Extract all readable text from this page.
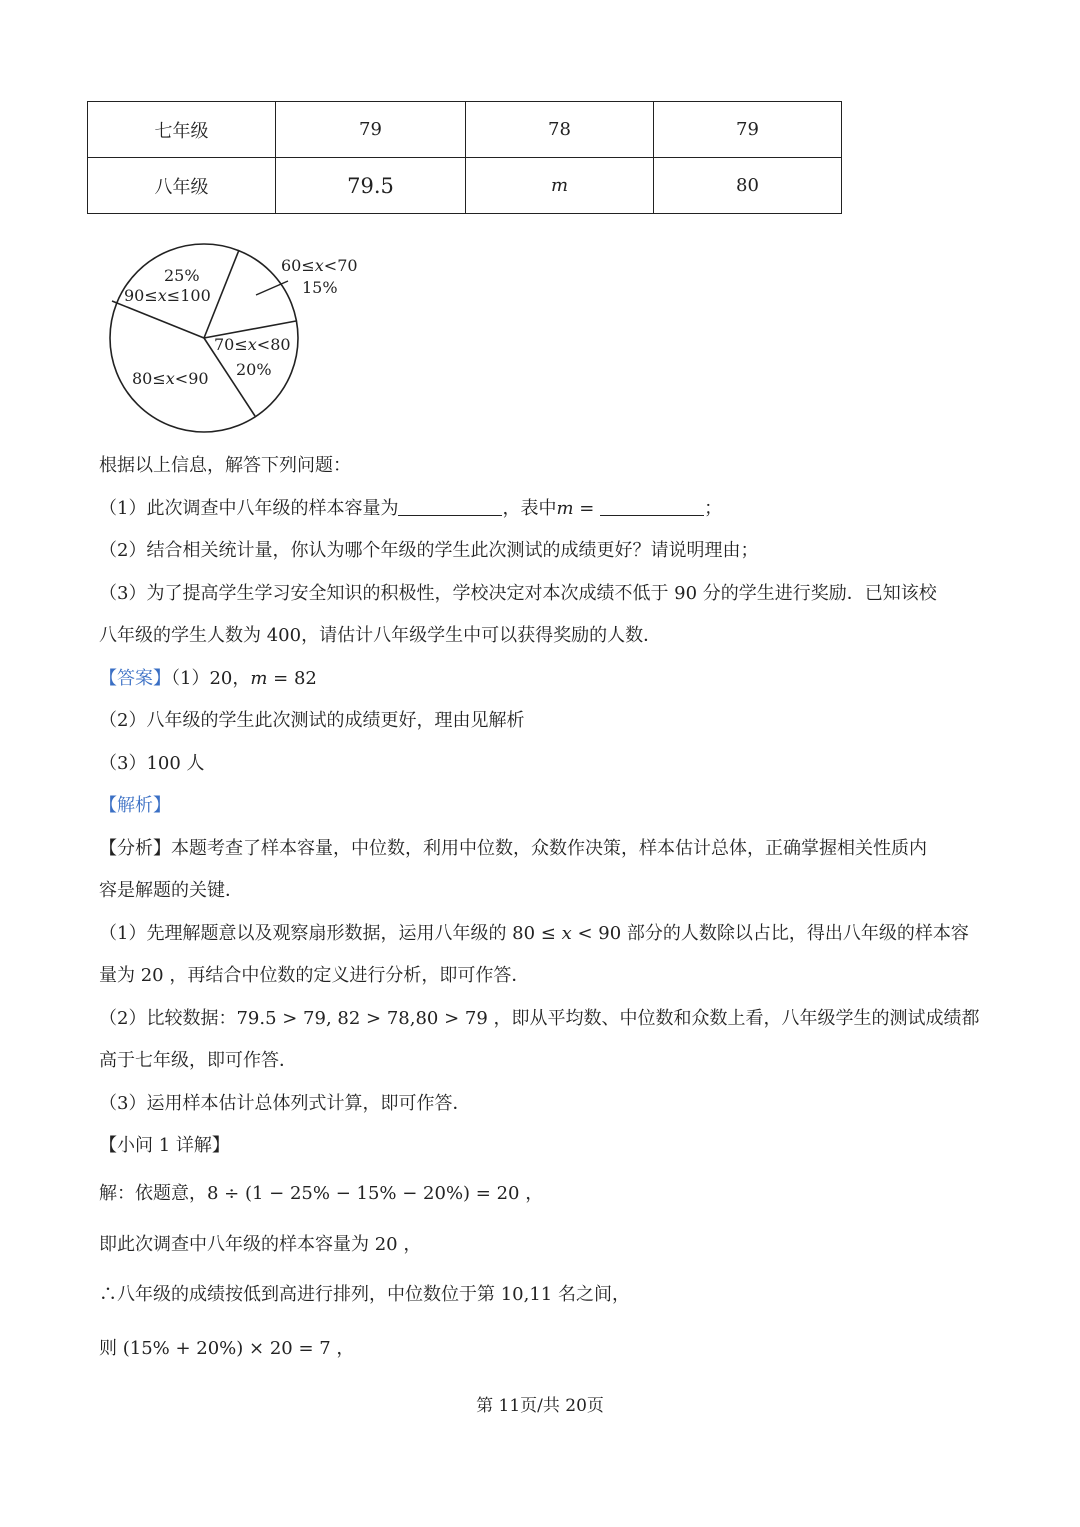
七年级	79	78	79
八年级	79.5	m	80
25%
90≤x≤100
60≤x<70
15%
70≤x<80
20%
80≤x<90
根据以上信息，解答下列问题：
（1）此次调查中八年级的样本容量为	，表中m =	；
（2）结合相关统计量，你认为哪个年级的学生此次测试的成绩更好？请说明理由；
（3）为了提高学生学习安全知识的积极性，学校决定对本次成绩不低于 90 分的学生进行奖励．已知该校
八年级的学生人数为 400，请估计八年级学生中可以获得奖励的人数．
【答案】（1）20，m = 82
（2）八年级的学生此次测试的成绩更好，理由见解析
（3）100 人
【解析】
【分析】本题考查了样本容量，中位数，利用中位数，众数作决策，样本估计总体，正确掌握相关性质内
容是解题的关键．
（1）先理解题意以及观察扇形数据，运用八年级的 80 ≤ x < 90 部分的人数除以占比，得出八年级的样本容
量为 20 ，再结合中位数的定义进行分析，即可作答．
（2）比较数据：79.5 > 79, 82 > 78,80 > 79 ，即从平均数、中位数和众数上看，八年级学生的测试成绩都
高于七年级，即可作答．
（3）运用样本估计总体列式计算，即可作答．
【小问 1 详解】
解：依题意，8 ÷ (1 − 25% − 15% − 20%) = 20 ，
即此次调查中八年级的样本容量为 20 ，
∴八年级的成绩按低到高进行排列，中位数位于第 10,11 名之间，
则 (15% + 20%) × 20 = 7 ，
第 11页/共 20页
